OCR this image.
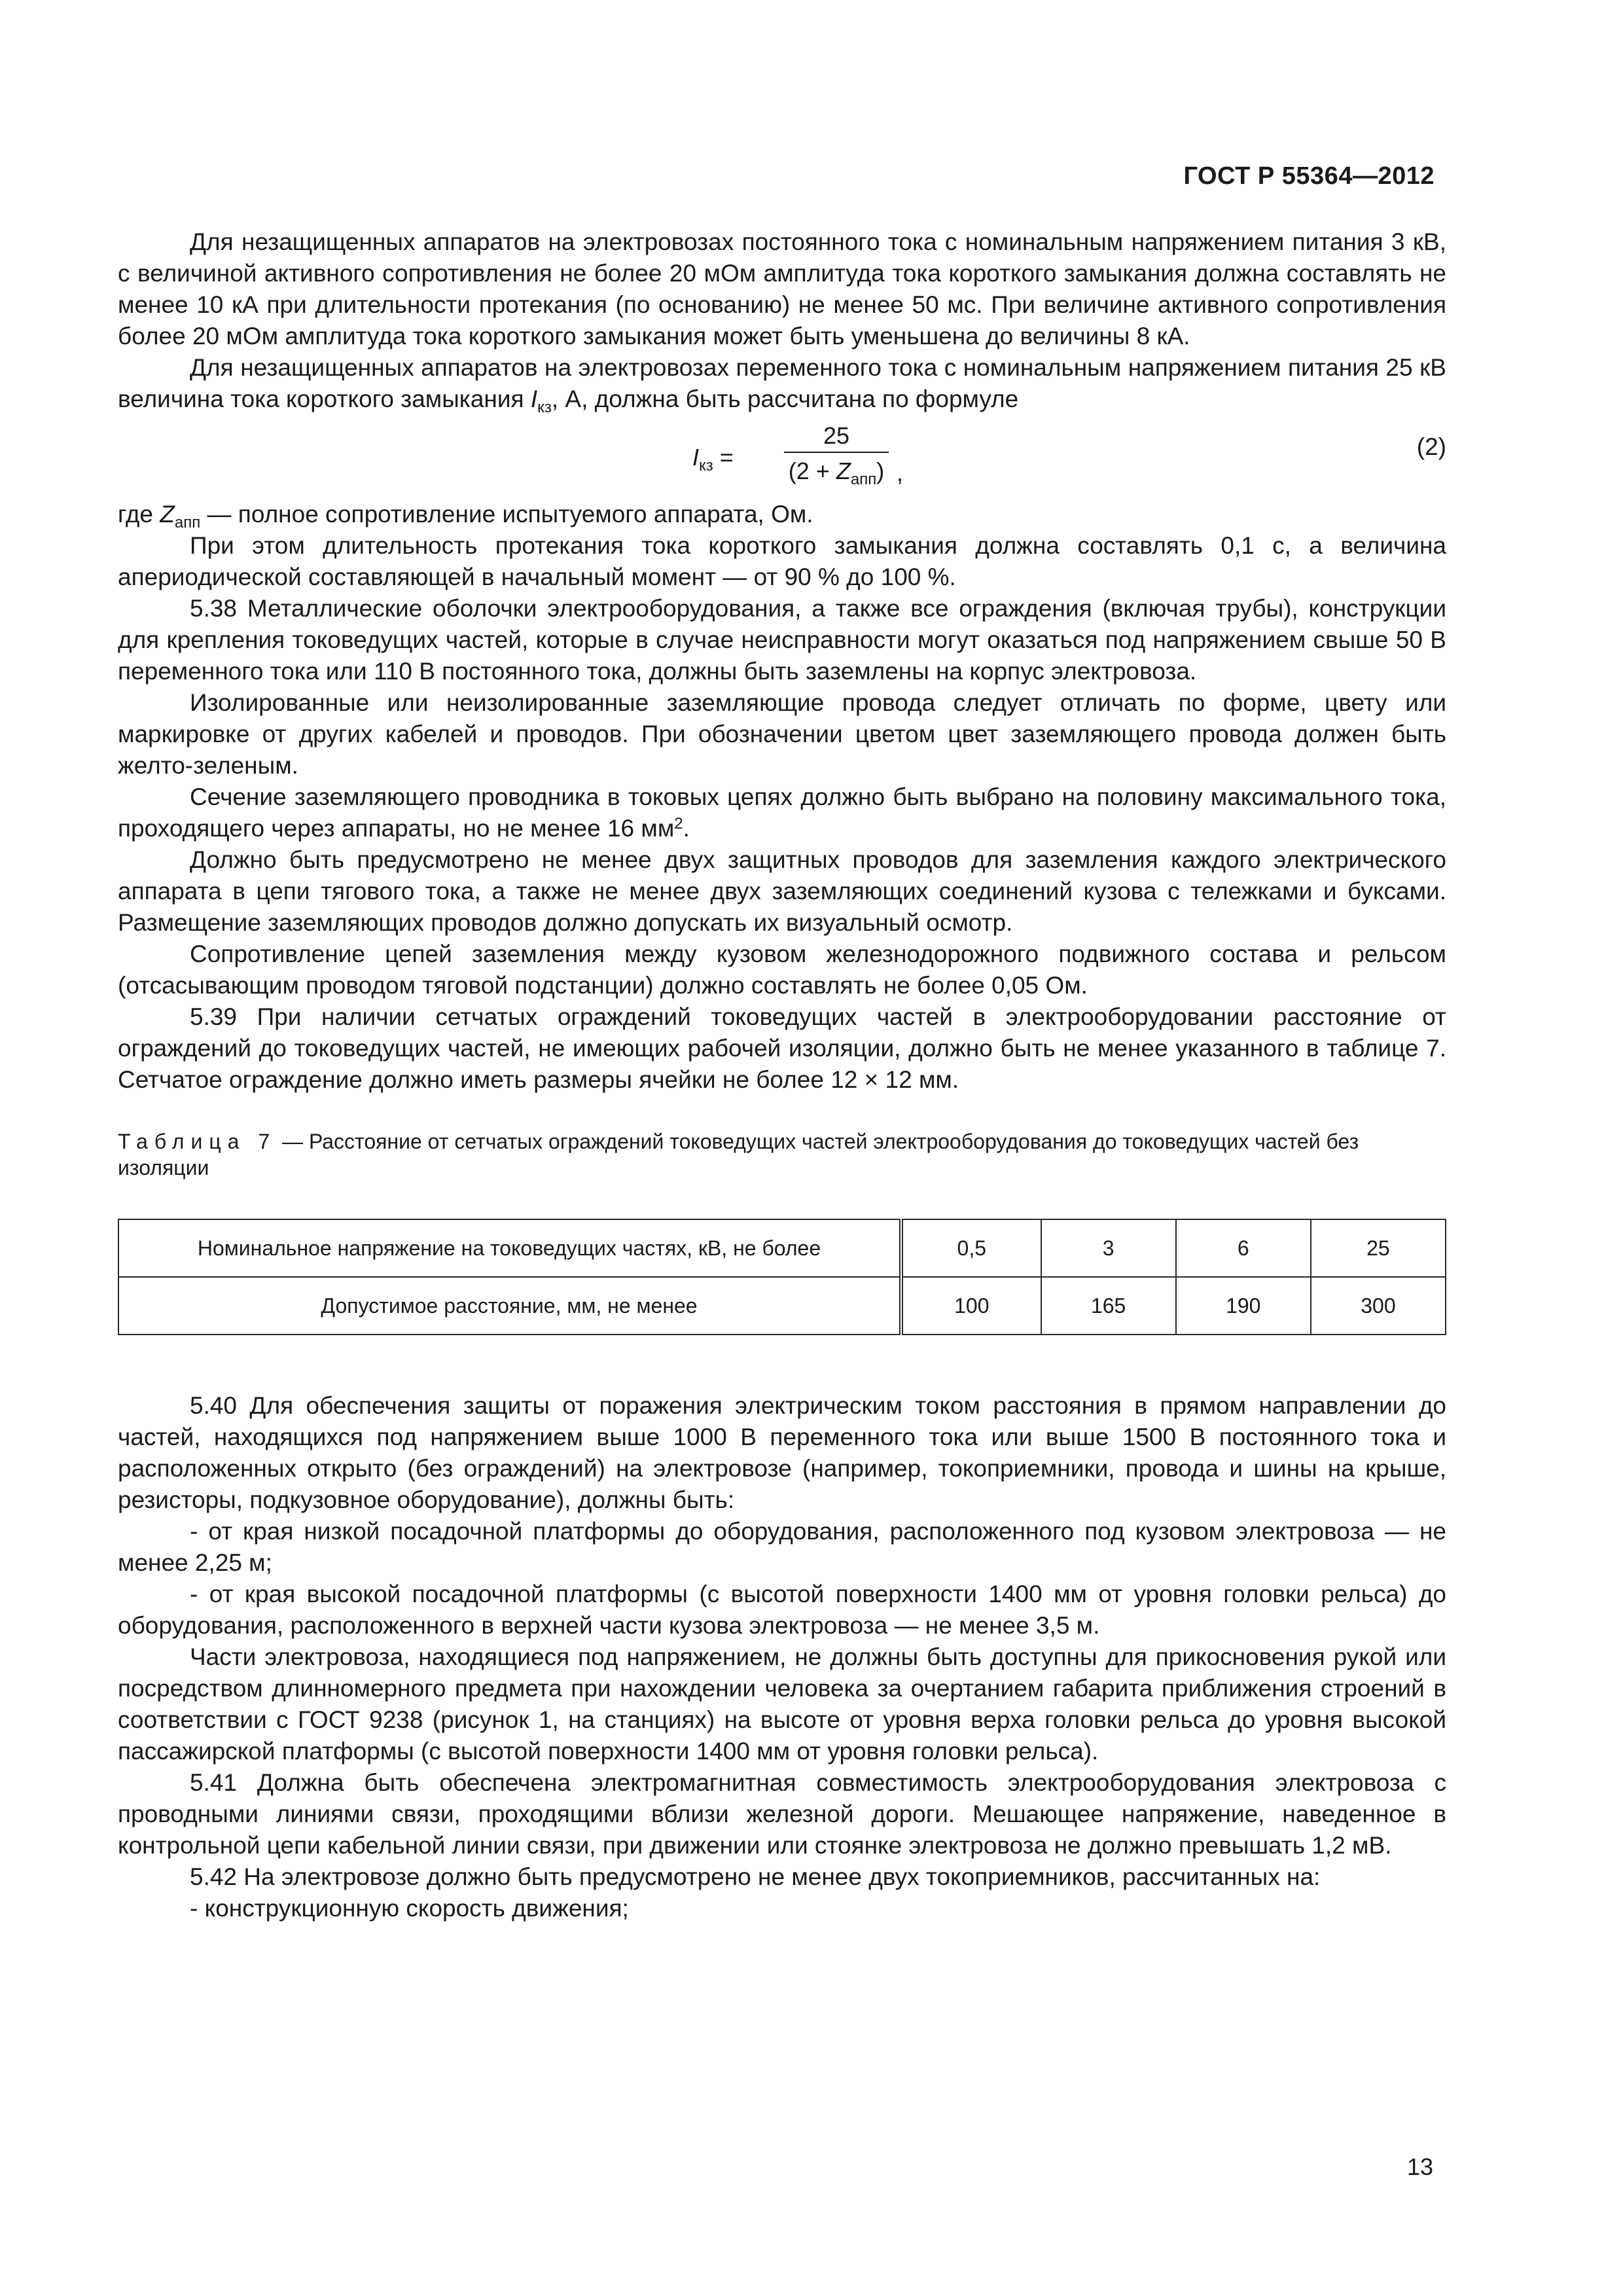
ГОСТ Р 55364—2012

Для незащищенных аппаратов на электровозах постоянного тока с номинальным напряжением питания 3 кВ, с величиной активного сопротивления не более 20 мОм амплитуда тока короткого замыкания должна составлять не менее 10 кА при длительности протекания (по основанию) не менее 50 мс. При величине активного сопротивления более 20 мОм амплитуда тока короткого замыкания может быть уменьшена до величины 8 кА.

Для незащищенных аппаратов на электровозах переменного тока с номинальным напряжением питания 25 кВ величина тока короткого замыкания $I_{кз}$, А, должна быть рассчитана по формуле

$I_{кз}$ =
25
$(2 + Z_{апп})$ ,
(2)

где $Z_{апп}$ — полное сопротивление испытуемого аппарата, Ом.

При этом длительность протекания тока короткого замыкания должна составлять 0,1 с, а величина апериодической составляющей в начальный момент — от 90 % до 100 %.

5.38 Металлические оболочки электрооборудования, а также все ограждения (включая трубы), конструкции для крепления токоведущих частей, которые в случае неисправности могут оказаться под напряжением свыше 50 В переменного тока или 110 В постоянного тока, должны быть заземлены на корпус электровоза.

Изолированные или неизолированные заземляющие провода следует отличать по форме, цвету или маркировке от других кабелей и проводов. При обозначении цветом цвет заземляющего провода должен быть желто-зеленым.

Сечение заземляющего проводника в токовых цепях должно быть выбрано на половину максимального тока, проходящего через аппараты, но не менее 16 $мм^2$.

Должно быть предусмотрено не менее двух защитных проводов для заземления каждого электрического аппарата в цепи тягового тока, а также не менее двух заземляющих соединений кузова с тележками и буксами. Размещение заземляющих проводов должно допускать их визуальный осмотр.

Сопротивление цепей заземления между кузовом железнодорожного подвижного состава и рельсом (отсасывающим проводом тяговой подстанции) должно составлять не более 0,05 Ом.

5.39 При наличии сетчатых ограждений токоведущих частей в электрооборудовании расстояние от ограждений до токоведущих частей, не имеющих рабочей изоляции, должно быть не менее указанного в таблице 7. Сетчатое ограждение должно иметь размеры ячейки не более 12 × 12 мм.

Таблица 7 — Расстояние от сетчатых ограждений токоведущих частей электрооборудования до токоведущих частей без изоляции

Номинальное напряжение на токоведущих частях, кВ, не более	0,5	3	6	25
Допустимое расстояние, мм, не менее	100	165	190	300

5.40 Для обеспечения защиты от поражения электрическим током расстояния в прямом направлении до частей, находящихся под напряжением выше 1000 В переменного тока или выше 1500 В постоянного тока и расположенных открыто (без ограждений) на электровозе (например, токоприемники, провода и шины на крыше, резисторы, подкузовное оборудование), должны быть:

- от края низкой посадочной платформы до оборудования, расположенного под кузовом электровоза — не менее 2,25 м;

- от края высокой посадочной платформы (с высотой поверхности 1400 мм от уровня головки рельса) до оборудования, расположенного в верхней части кузова электровоза — не менее 3,5 м.

Части электровоза, находящиеся под напряжением, не должны быть доступны для прикосновения рукой или посредством длинномерного предмета при нахождении человека за очертанием габарита приближения строений в соответствии с ГОСТ 9238 (рисунок 1, на станциях) на высоте от уровня верха головки рельса до уровня высокой пассажирской платформы (с высотой поверхности 1400 мм от уровня головки рельса).

5.41 Должна быть обеспечена электромагнитная совместимость электрооборудования электровоза с проводными линиями связи, проходящими вблизи железной дороги. Мешающее напряжение, наведенное в контрольной цепи кабельной линии связи, при движении или стоянке электровоза не должно превышать 1,2 мВ.

5.42 На электровозе должно быть предусмотрено не менее двух токоприемников, рассчитанных на:

- конструкционную скорость движения;

13
